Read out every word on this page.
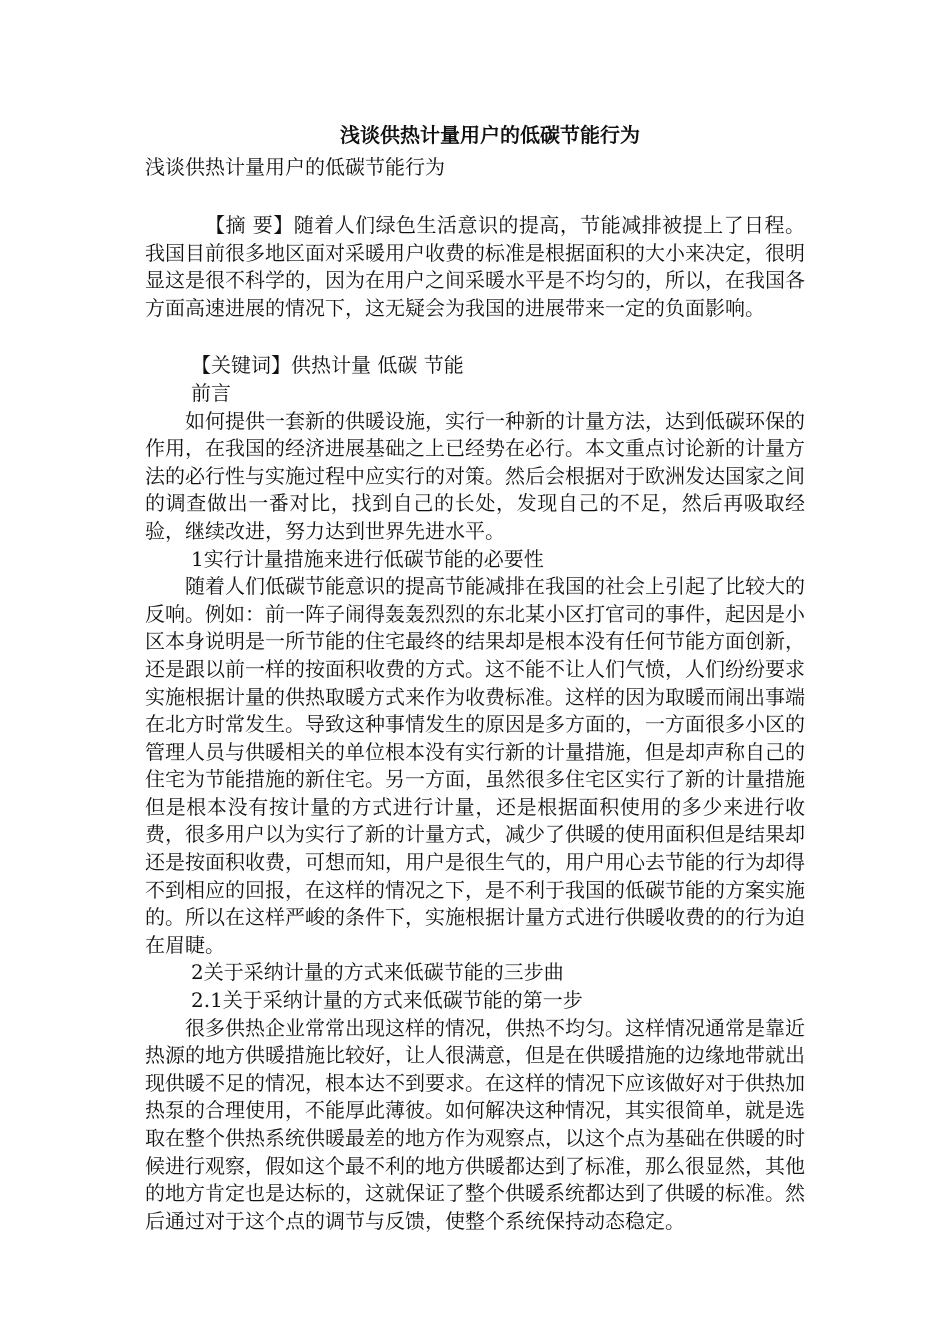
浅谈供热计量用户的低碳节能行为

浅谈供热计量用户的低碳节能行为

【摘 要】随着人们绿色生活意识的提高，节能减排被提上了日程。我国目前很多地区面对采暖用户收费的标准是根据面积的大小来决定，很明显这是很不科学的，因为在用户之间采暖水平是不均匀的，所以，在我国各方面高速进展的情况下，这无疑会为我国的进展带来一定的负面影响。

【关键词】供热计量 低碳 节能

前言

如何提供一套新的供暖设施，实行一种新的计量方法，达到低碳环保的作用，在我国的经济进展基础之上已经势在必行。本文重点讨论新的计量方法的必行性与实施过程中应实行的对策。然后会根据对于欧洲发达国家之间的调查做出一番对比，找到自己的长处，发现自己的不足，然后再吸取经验，继续改进，努力达到世界先进水平。

1实行计量措施来进行低碳节能的必要性

随着人们低碳节能意识的提高节能减排在我国的社会上引起了比较大的反响。例如：前一阵子闹得轰轰烈烈的东北某小区打官司的事件，起因是小区本身说明是一所节能的住宅最终的结果却是根本没有任何节能方面创新，还是跟以前一样的按面积收费的方式。这不能不让人们气愤，人们纷纷要求实施根据计量的供热取暖方式来作为收费标准。这样的因为取暖而闹出事端在北方时常发生。导致这种事情发生的原因是多方面的，一方面很多小区的管理人员与供暖相关的单位根本没有实行新的计量措施，但是却声称自己的住宅为节能措施的新住宅。另一方面，虽然很多住宅区实行了新的计量措施但是根本没有按计量的方式进行计量，还是根据面积使用的多少来进行收费，很多用户以为实行了新的计量方式，减少了供暖的使用面积但是结果却还是按面积收费，可想而知，用户是很生气的，用户用心去节能的行为却得不到相应的回报，在这样的情况之下，是不利于我国的低碳节能的方案实施的。所以在这样严峻的条件下，实施根据计量方式进行供暖收费的的行为迫在眉睫。

2关于采纳计量的方式来低碳节能的三步曲

2.1关于采纳计量的方式来低碳节能的第一步

很多供热企业常常出现这样的情况，供热不均匀。这样情况通常是靠近热源的地方供暖措施比较好，让人很满意，但是在供暖措施的边缘地带就出现供暖不足的情况，根本达不到要求。在这样的情况下应该做好对于供热加热泵的合理使用，不能厚此薄彼。如何解决这种情况，其实很简单，就是选取在整个供热系统供暖最差的地方作为观察点，以这个点为基础在供暖的时候进行观察，假如这个最不利的地方供暖都达到了标准，那么很显然，其他的地方肯定也是达标的，这就保证了整个供暖系统都达到了供暖的标准。然后通过对于这个点的调节与反馈，使整个系统保持动态稳定。
